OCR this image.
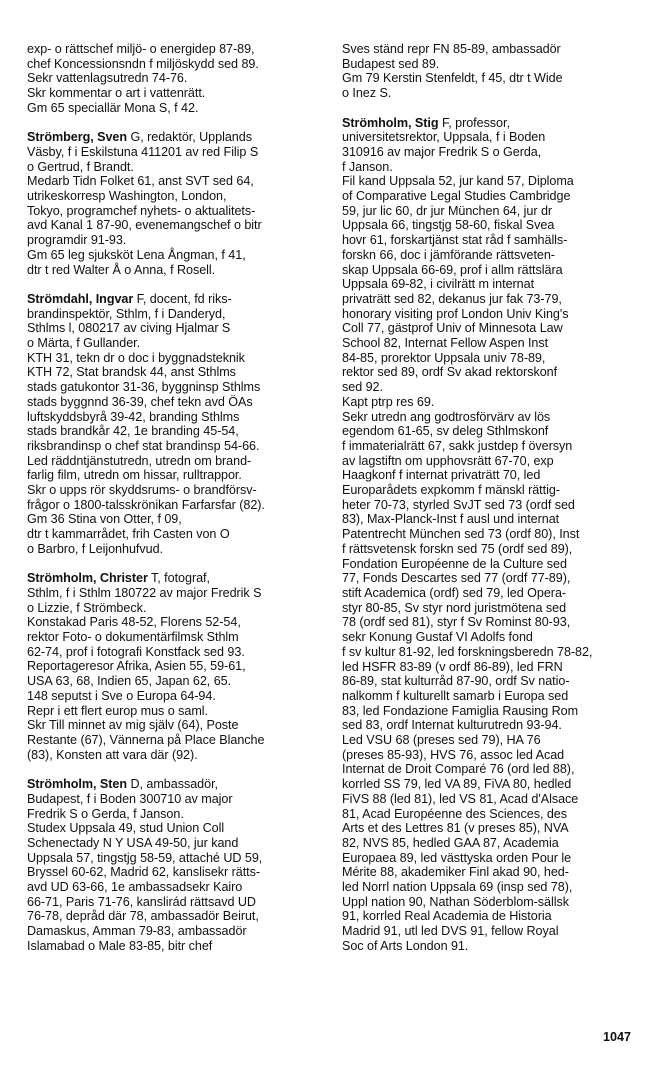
exp- o rättschef miljö- o energidep 87-89,
chef Koncessionsndn f miljöskydd sed 89.
Sekr vattenlagsutredn 74-76.
Skr kommentar o art i vattenrätt.
Gm 65 speciallär Mona S, f 42.
Strömberg, Sven G, redaktör, Upplands
Väsby, f i Eskilstuna 411201 av red Filip S
o Gertrud, f Brandt.
Medarb Tidn Folket 61, anst SVT sed 64,
utrikeskorresp Washington, London,
Tokyo, programchef nyhets- o aktualitets-
avd Kanal 1 87-90, evenemangschef o bitr
programdir 91-93.
Gm 65 leg sjuksköt Lena Ångman, f 41,
dtr t red Walter Å o Anna, f Rosell.
Strömdahl, Ingvar F, docent, fd riks-
brandinspektör, Sthlm, f i Danderyd,
Sthlms l, 080217 av civing Hjalmar S
o Märta, f Gullander.
KTH 31, tekn dr o doc i byggnadsteknik
KTH 72, Stat brandsk 44, anst Sthlms
stads gatukontor 31-36, byggninsp Sthlms
stads byggnnd 36-39, chef tekn avd ÖAs
luftskyddsbyrå 39-42, branding Sthlms
stads brandkår 42, 1e branding 45-54,
riksbrandinsp o chef stat brandinsp 54-66.
Led räddntjänstutredn, utredn om brand-
farlig film, utredn om hissar, rulltrappor.
Skr o upps rör skyddsrums- o brandförsv-
frågor o 1800-talsskrönikan Farfarsfar (82).
Gm 36 Stina von Otter, f 09,
dtr t kammarrådet, frih Casten von O
o Barbro, f Leijonhufvud.
Strömholm, Christer T, fotograf,
Sthlm, f i Sthlm 180722 av major Fredrik S
o Lizzie, f Strömbeck.
Konstakad Paris 48-52, Florens 52-54,
rektor Foto- o dokumentärfilmsk Sthlm
62-74, prof i fotografi Konstfack sed 93.
Reportageresor Afrika, Asien 55, 59-61,
USA 63, 68, Indien 65, Japan 62, 65.
148 seputst i Sve o Europa 64-94.
Repr i ett flert europ mus o saml.
Skr Till minnet av mig själv (64), Poste
Restante (67), Vännerna på Place Blanche
(83), Konsten att vara där (92).
Strömholm, Sten D, ambassadör,
Budapest, f i Boden 300710 av major
Fredrik S o Gerda, f Janson.
Studex Uppsala 49, stud Union Coll
Schenectady N Y USA 49-50, jur kand
Uppsala 57, tingstjg 58-59, attaché UD 59,
Bryssel 60-62, Madrid 62, kanslisekr rätts-
avd UD 63-66, 1e ambassadsekr Kairo
66-71, Paris 71-76, kanslirád rättsavd UD
76-78, depråd där 78, ambassadör Beirut,
Damaskus, Amman 79-83, ambassadör
Islamabad o Male 83-85, bitr chef
Sves ständ repr FN 85-89, ambassadör
Budapest sed 89.
Gm 79 Kerstin Stenfeldt, f 45, dtr t Wide
o Inez S.
Strömholm, Stig F, professor,
universitetsrektor, Uppsala, f i Boden
310916 av major Fredrik S o Gerda,
f Janson.
Fil kand Uppsala 52, jur kand 57, Diploma
of Comparative Legal Studies Cambridge
59, jur lic 60, dr jur München 64, jur dr
Uppsala 66, tingstjg 58-60, fiskal Svea
hovr 61, forskartjänst stat råd f samhälls-
forskn 66, doc i jämförande rättsveten-
skap Uppsala 66-69, prof i allm rättslära
Uppsala 69-82, i civilrätt m internat
privaträtt sed 82, dekanus jur fak 73-79,
honorary visiting prof London Univ King's
Coll 77, gästprof Univ of Minnesota Law
School 82, Internat Fellow Aspen Inst
84-85, prorektor Uppsala univ 78-89,
rektor sed 89, ordf Sv akad rektorskonf
sed 92.
Kapt ptrp res 69.
Sekr utredn ang godtrosförvärv av lös
egendom 61-65, sv deleg Sthlmskonf
f immaterialrätt 67, sakk justdep f översyn
av lagstiftn om upphovsrätt 67-70, exp
Haagkonf f internat privaträtt 70, led
Europarådets expkomm f mänskl rättig-
heter 70-73, styrled SvJT sed 73 (ordf sed
83), Max-Planck-Inst f ausl und internat
Patentrecht München sed 73 (ordf 80), Inst
f rättsvetensk forskn sed 75 (ordf sed 89),
Fondation Européenne de la Culture sed
77, Fonds Descartes sed 77 (ordf 77-89),
stift Academica (ordf) sed 79, led Opera-
styr 80-85, Sv styr nord juristmötena sed
78 (ordf sed 81), styr f Sv Rominst 80-93,
sekr Konung Gustaf VI Adolfs fond
f sv kultur 81-92, led forskningsberedn 78-82,
led HSFR 83-89 (v ordf 86-89), led FRN
86-89, stat kulturråd 87-90, ordf Sv natio-
nalkomm f kulturellt samarb i Europa sed
83, led Fondazione Famiglia Rausing Rom
sed 83, ordf Internat kulturutredn 93-94.
Led VSU 68 (preses sed 79), HA 76
(preses 85-93), HVS 76, assoc led Acad
Internat de Droit Comparé 76 (ord led 88),
korrled SS 79, led VA 89, FiVA 80, hedled
FiVS 88 (led 81), led VS 81, Acad d'Alsace
81, Acad Européenne des Sciences, des
Arts et des Lettres 81 (v preses 85), NVA
82, NVS 85, hedled GAA 87, Academia
Europaea 89, led västtyska orden Pour le
Mérite 88, akademiker Finl akad 90, hed-
led Norrl nation Uppsala 69 (insp sed 78),
Uppl nation 90, Nathan Söderblom-sällsk
91, korrled Real Academia de Historia
Madrid 91, utl led DVS 91, fellow Royal
Soc of Arts London 91.
1047
